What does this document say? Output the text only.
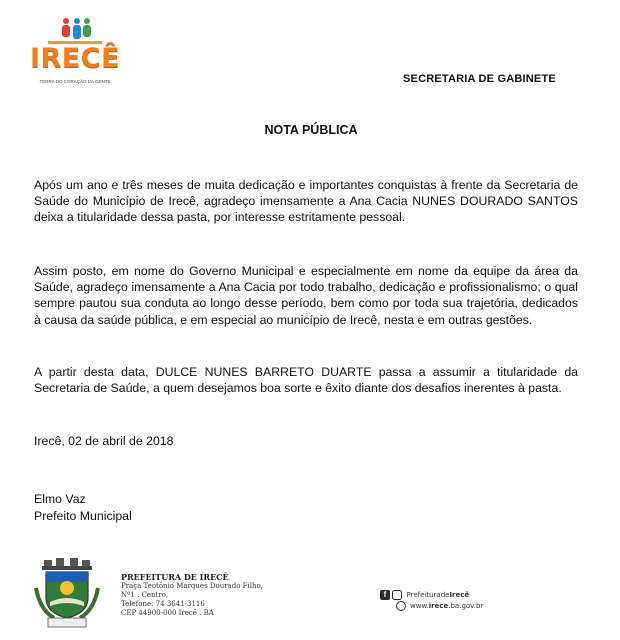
IRECÊ
TERRA DO CORAÇÃO DA GENTE	SECRETARIA DE GABINETE
NOTA PÚBLICA
Após um ano e três meses de muita dedicação e importantes conquistas à frente da Secretaria de Saúde do Município de Irecê, agradeço imensamente a Ana Cacia NUNES DOURADO SANTOS deixa a titularidade dessa pasta, por interesse estritamente pessoal.
Assim posto, em nome do Governo Municipal e especialmente em nome da equipe da área da Saúde, agradeço imensamente a Ana Cacia por todo trabalho, dedicação e profissionalismo; o qual sempre pautou sua conduta ao longo desse período, bem como por toda sua trajetória, dedicados à causa da saúde pública, e em especial ao município de Irecê, nesta e em outras gestões.
A partir desta data, DULCE NUNES BARRETO DUARTE passa a assumir a titularidade da Secretaria de Saúde, a quem desejamos boa sorte e êxito diante dos desafios inerentes à pasta.
Irecê, 02 de abril de 2018
Elmo Vaz
Prefeito Municipal
PREFEITURA DE IRECÊ
Praça Teotônio Marques Dourado Filho,
Nº1 . Centro,
Telefone: 74 3641-3116
CEP 44900-000 Irecê . BA
f	PrefeituradeIrecê
www.irece.ba.gov.br
